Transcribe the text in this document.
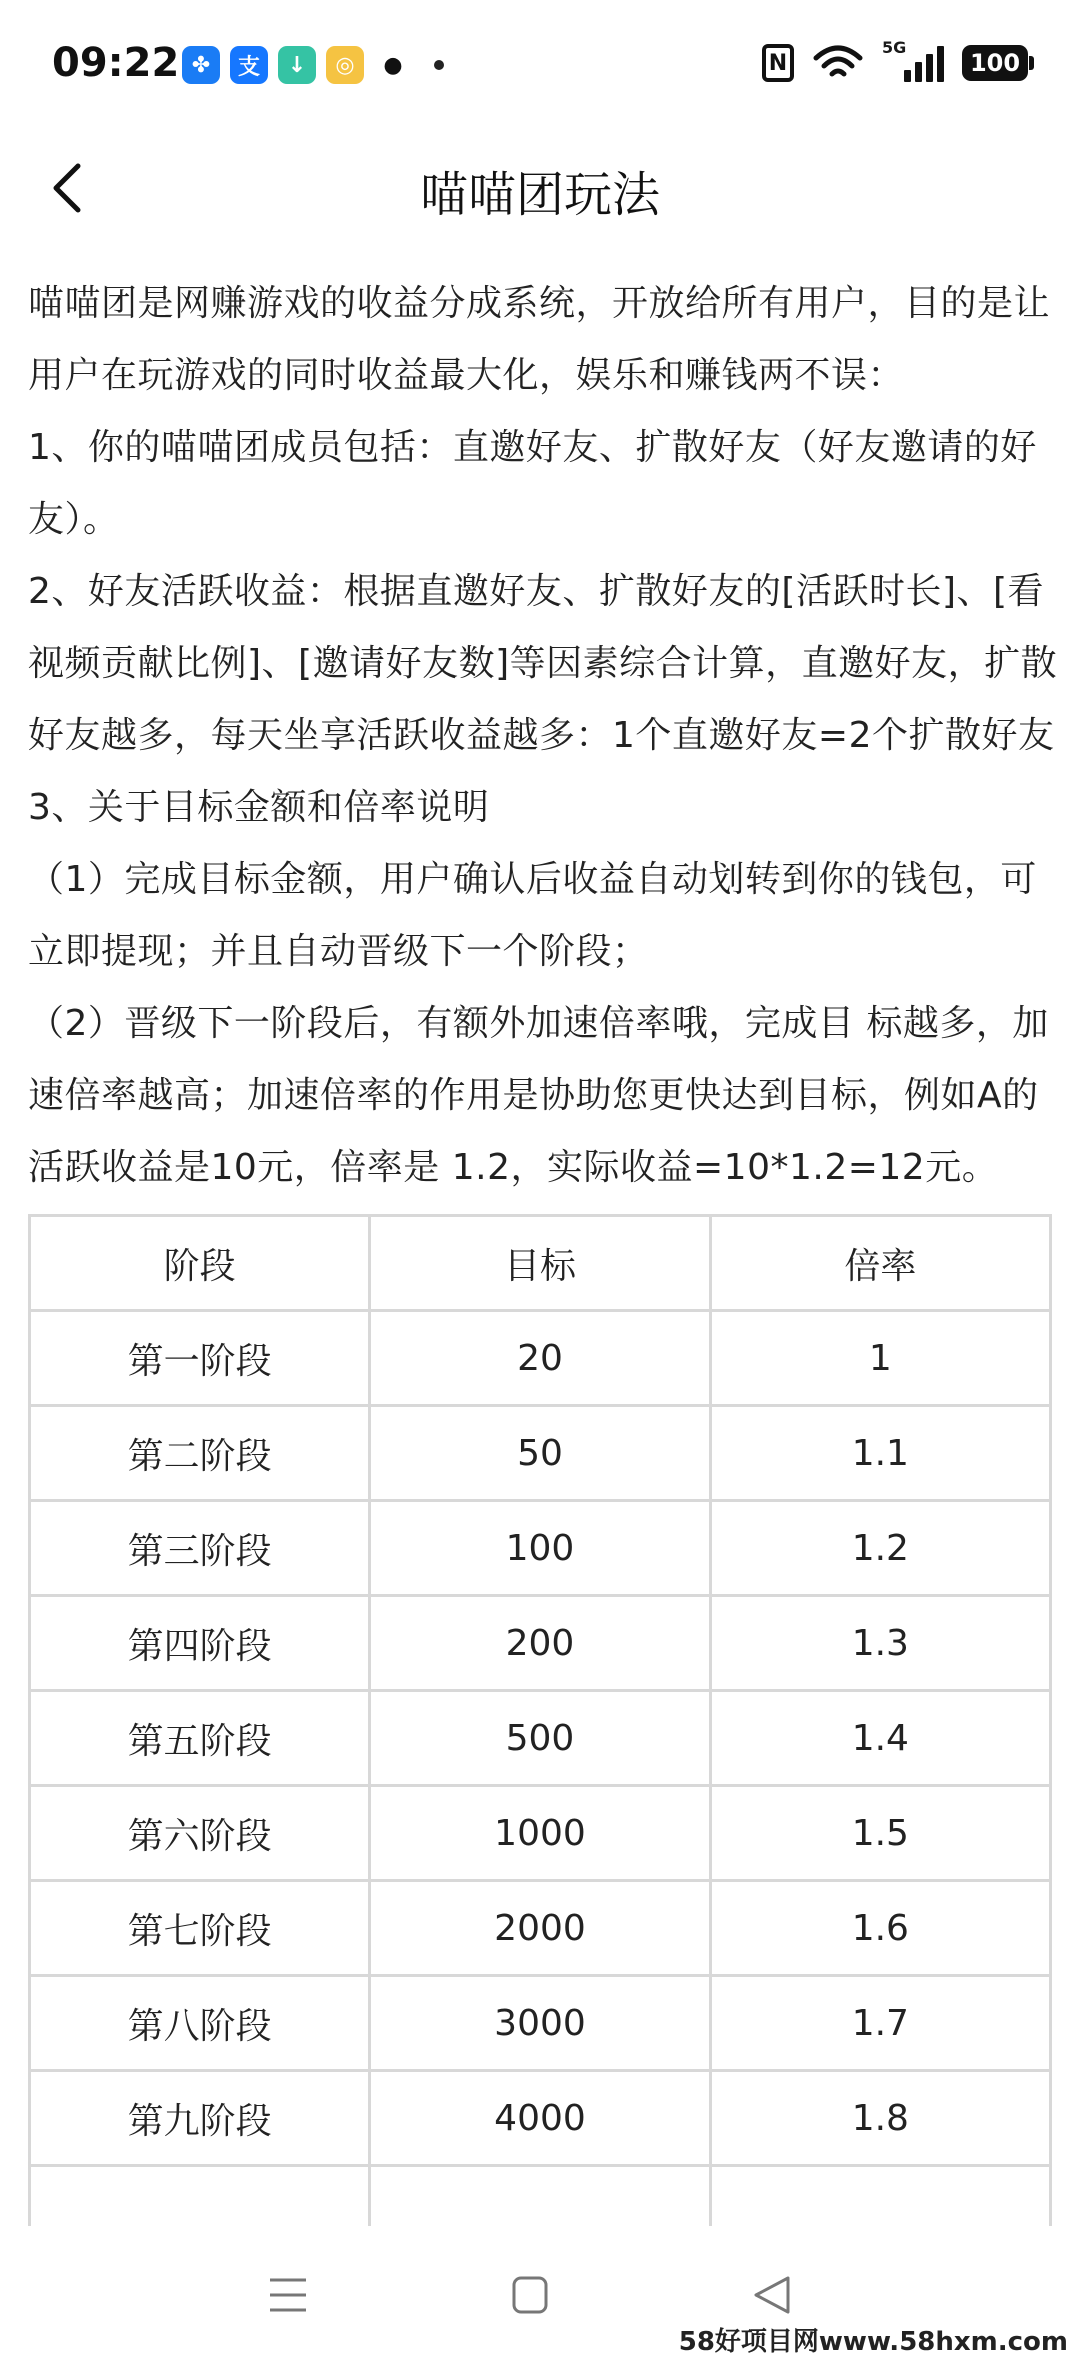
09:22 ✤	支	↓	◎	●	N
5G
100
喵喵团玩法

喵喵团是网赚游戏的收益分成系统，开放给所有用户，目的是让用户在玩游戏的同时收益最大化，娱乐和赚钱两不误：

1、你的喵喵团成员包括：直邀好友、扩散好友（好友邀请的好友）。

2、好友活跃收益：根据直邀好友、扩散好友的[活跃时长]、[看视频贡献比例]、[邀请好友数]等因素综合计算，直邀好友，扩散好友越多，每天坐享活跃收益越多：1个直邀好友=2个扩散好友

3、关于目标金额和倍率说明

（1）完成目标金额，用户确认后收益自动划转到你的钱包，可立即提现；并且自动晋级下一个阶段；

（2）晋级下一阶段后，有额外加速倍率哦，完成目 标越多，加速倍率越高；加速倍率的作用是协助您更快达到目标，例如A的活跃收益是10元，倍率是 1.2，实际收益=10*1.2=12元。

阶段	目标	倍率
第一阶段	20	1
第二阶段	50	1.1
第三阶段	100	1.2
第四阶段	200	1.3
第五阶段	500	1.4
第六阶段	1000	1.5
第七阶段	2000	1.6
第八阶段	3000	1.7
第九阶段	4000	1.8

58好项目网www.58hxm.com
